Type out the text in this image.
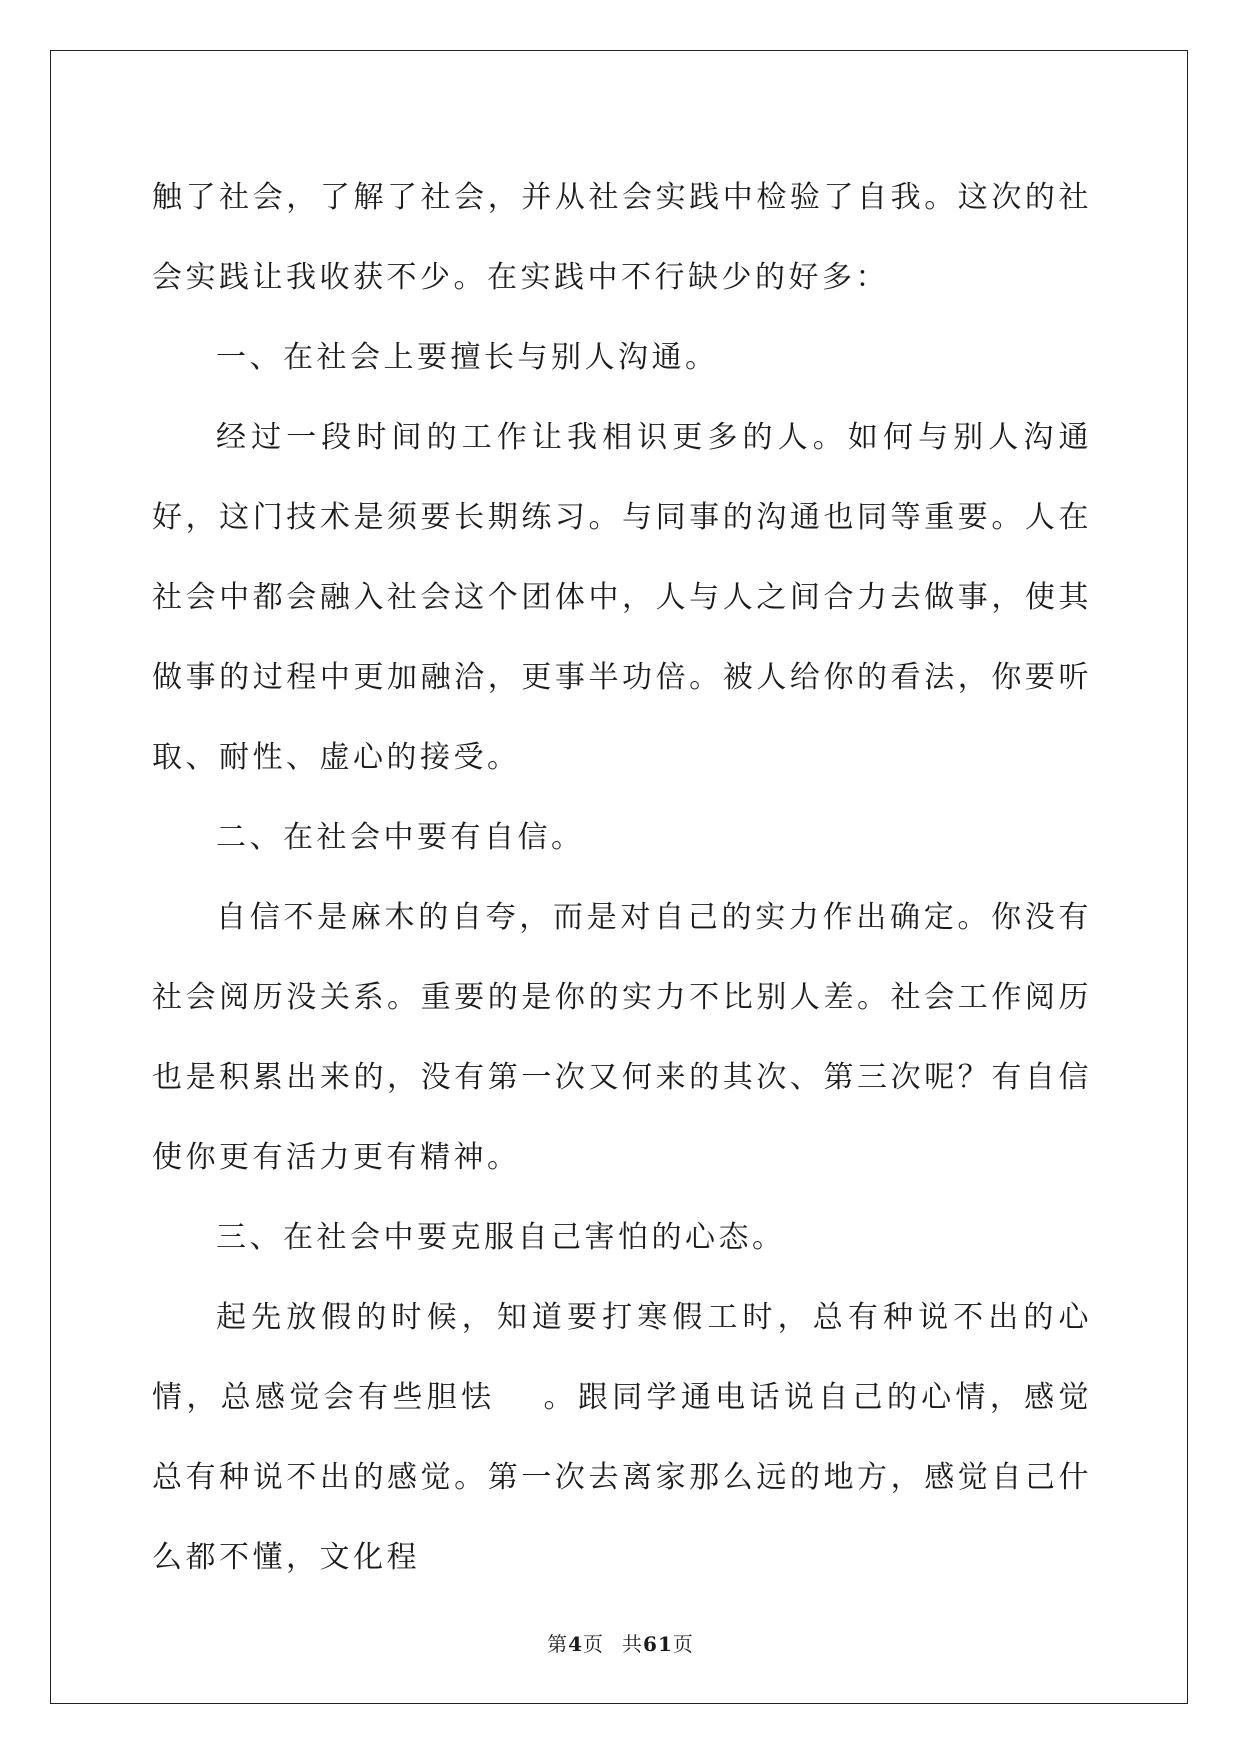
触了社会，了解了社会，并从社会实践中检验了自我。这次的社会实践让我收获不少。在实践中不行缺少的好多：

一、在社会上要擅长与别人沟通。

经过一段时间的工作让我相识更多的人。如何与别人沟通好，这门技术是须要长期练习。与同事的沟通也同等重要。人在社会中都会融入社会这个团体中，人与人之间合力去做事，使其做事的过程中更加融洽，更事半功倍。被人给你的看法，你要听取、耐性、虚心的接受。

二、在社会中要有自信。

自信不是麻木的自夸，而是对自己的实力作出确定。你没有社会阅历没关系。重要的是你的实力不比别人差。社会工作阅历也是积累出来的，没有第一次又何来的其次、第三次呢？有自信使你更有活力更有精神。

三、在社会中要克服自己害怕的心态。

起先放假的时候，知道要打寒假工时，总有种说不出的心情，总感觉会有些胆怯　 。跟同学通电话说自己的心情，感觉总有种说不出的感觉。第一次去离家那么远的地方，感觉自己什么都不懂，文化程

第4页 共61页
